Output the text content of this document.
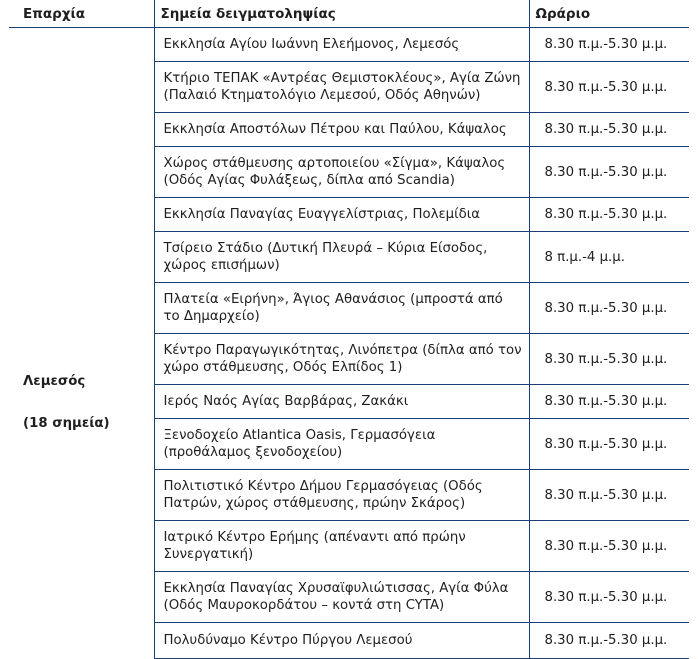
Επαρχία	Σημεία δειγματοληψίας	Ωράριο

Λεμεσός
(18 σημεία)	Εκκλησία Αγίου Ιωάννη Ελεήμονος, Λεμεσός	8.30 π.μ.-5.30 μ.μ.
	Κτήριο ΤΕΠΑΚ «Αντρέας Θεμιστοκλέους», Αγία Ζώνη (Παλαιό Κτηματολόγιο Λεμεσού, Οδός Αθηνών)	8.30 π.μ.-5.30 μ.μ.
	Εκκλησία Αποστόλων Πέτρου και Παύλου, Κάψαλος	8.30 π.μ.-5.30 μ.μ.
	Χώρος στάθμευσης αρτοποιείου «Σίγμα», Κάψαλος (Οδός Αγίας Φυλάξεως, δίπλα από Scandia)	8.30 π.μ.-5.30 μ.μ.
	Εκκλησία Παναγίας Ευαγγελίστριας, Πολεμίδια	8.30 π.μ.-5.30 μ.μ.
	Τσίρειο Στάδιο (Δυτική Πλευρά – Κύρια Είσοδος, χώρος επισήμων)	8 π.μ.-4 μ.μ.
	Πλατεία «Ειρήνη», Άγιος Αθανάσιος (μπροστά από το Δημαρχείο)	8.30 π.μ.-5.30 μ.μ.
	Κέντρο Παραγωγικότητας, Λινόπετρα (δίπλα από τον χώρο στάθμευσης, Οδός Ελπίδος 1)	8.30 π.μ.-5.30 μ.μ.
	Ιερός Ναός Αγίας Βαρβάρας, Ζακάκι	8.30 π.μ.-5.30 μ.μ.
	Ξενοδοχείο Atlantica Oasis, Γερμασόγεια (προθάλαμος ξενοδοχείου)	8.30 π.μ.-5.30 μ.μ.
	Πολιτιστικό Κέντρο Δήμου Γερμασόγειας (Οδός Πατρών, χώρος στάθμευσης, πρώην Σκάρος)	8.30 π.μ.-5.30 μ.μ.
	Ιατρικό Κέντρο Ερήμης (απέναντι από πρώην Συνεργατική)	8.30 π.μ.-5.30 μ.μ.
	Εκκλησία Παναγίας Χρυσαϊφυλιώτισσας, Αγία Φύλα (Οδός Μαυροκορδάτου – κοντά στη CYTA)	8.30 π.μ.-5.30 μ.μ.
	Πολυδύναμο Κέντρο Πύργου Λεμεσού	8.30 π.μ.-5.30 μ.μ.
